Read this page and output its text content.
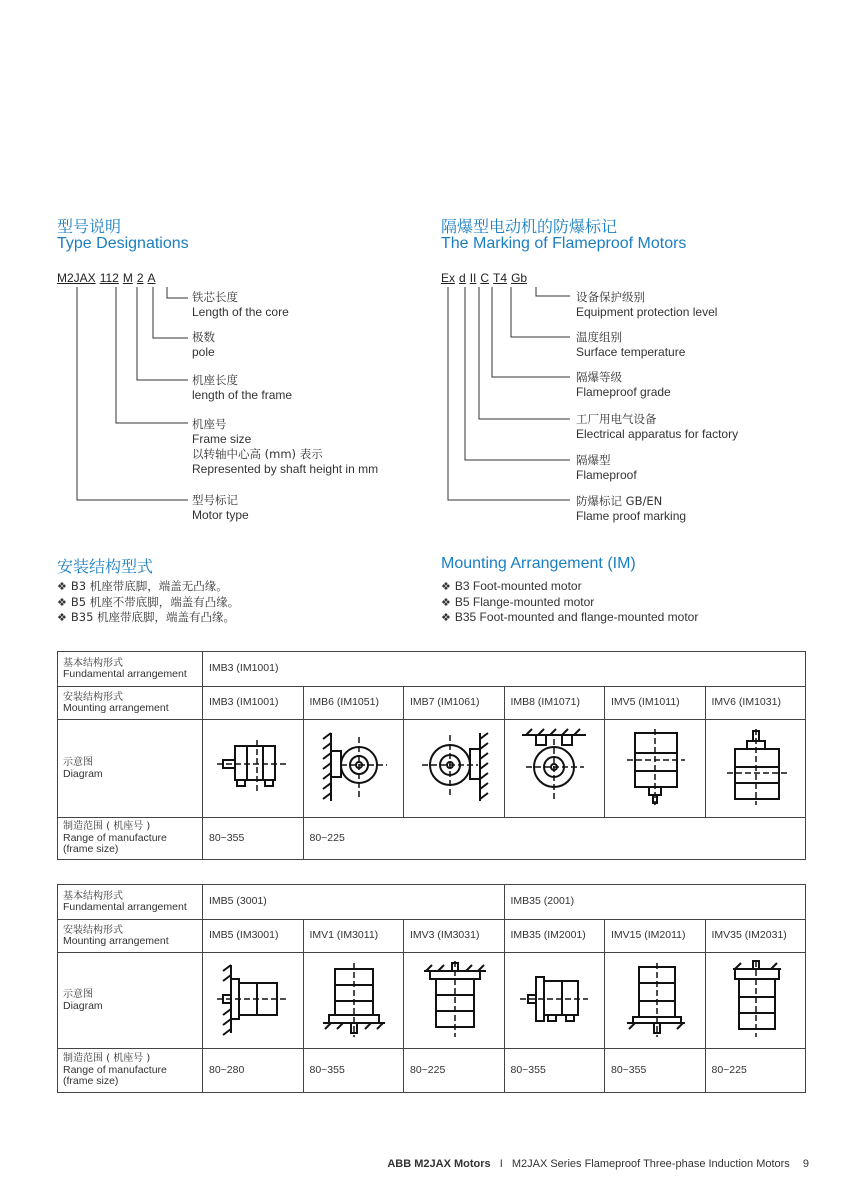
型号说明
Type Designations
M2JAX 112 M 2 A
铁芯长度
Length of the core
极数
pole
机座长度
length of the frame
机座号
Frame size
以转轴中心高 (mm) 表示
Represented by shaft height in mm
型号标记
Motor type
隔爆型电动机的防爆标记
The Marking of Flameproof Motors
Ex d II C T4 Gb
设备保护级别
Equipment protection level
温度组别
Surface temperature
隔爆等级
Flameproof grade
工厂用电气设备
Electrical apparatus for factory
隔爆型
Flameproof
防爆标记 GB/EN
Flame proof marking
安装结构型式	Mounting Arrangement (IM)
❖ B3 机座带底脚，端盖无凸缘。
❖ B5 机座不带底脚，端盖有凸缘。
❖ B35 机座带底脚，端盖有凸缘。
❖ B3 Foot-mounted motor
❖ B5 Flange-mounted motor
❖ B35 Foot-mounted and flange-mounted motor
基本结构形式
Fundamental arrangement	IMB3 (IM1001)					

安装结构形式
Mounting arrangement	IMB3 (IM1001)	IMB6 (IM1051)	IMB7 (IM1061)	IMB8 (IM1071)	IMV5 (IM1011)	IMV6 (IM1031)

示意图
Diagram

制造范围 ( 机座号 )
Range of manufacture
(frame size)	80~355	80~225				
基本结构形式
Fundamental arrangement	IMB5 (3001)			IMB35 (2001)		

安装结构形式
Mounting arrangement	IMB5 (IM3001)	IMV1 (IM3011)	IMV3 (IM3031)	IMB35 (IM2001)	IMV15 (IM2011)	IMV35 (IM2031)

示意图
Diagram

制造范围 ( 机座号 )
Range of manufacture
(frame size)	80~280	80~355	80~225	80~355	80~355	80~225
ABB M2JAX Motors I M2JAX Series Flameproof Three-phase Induction Motors 9
